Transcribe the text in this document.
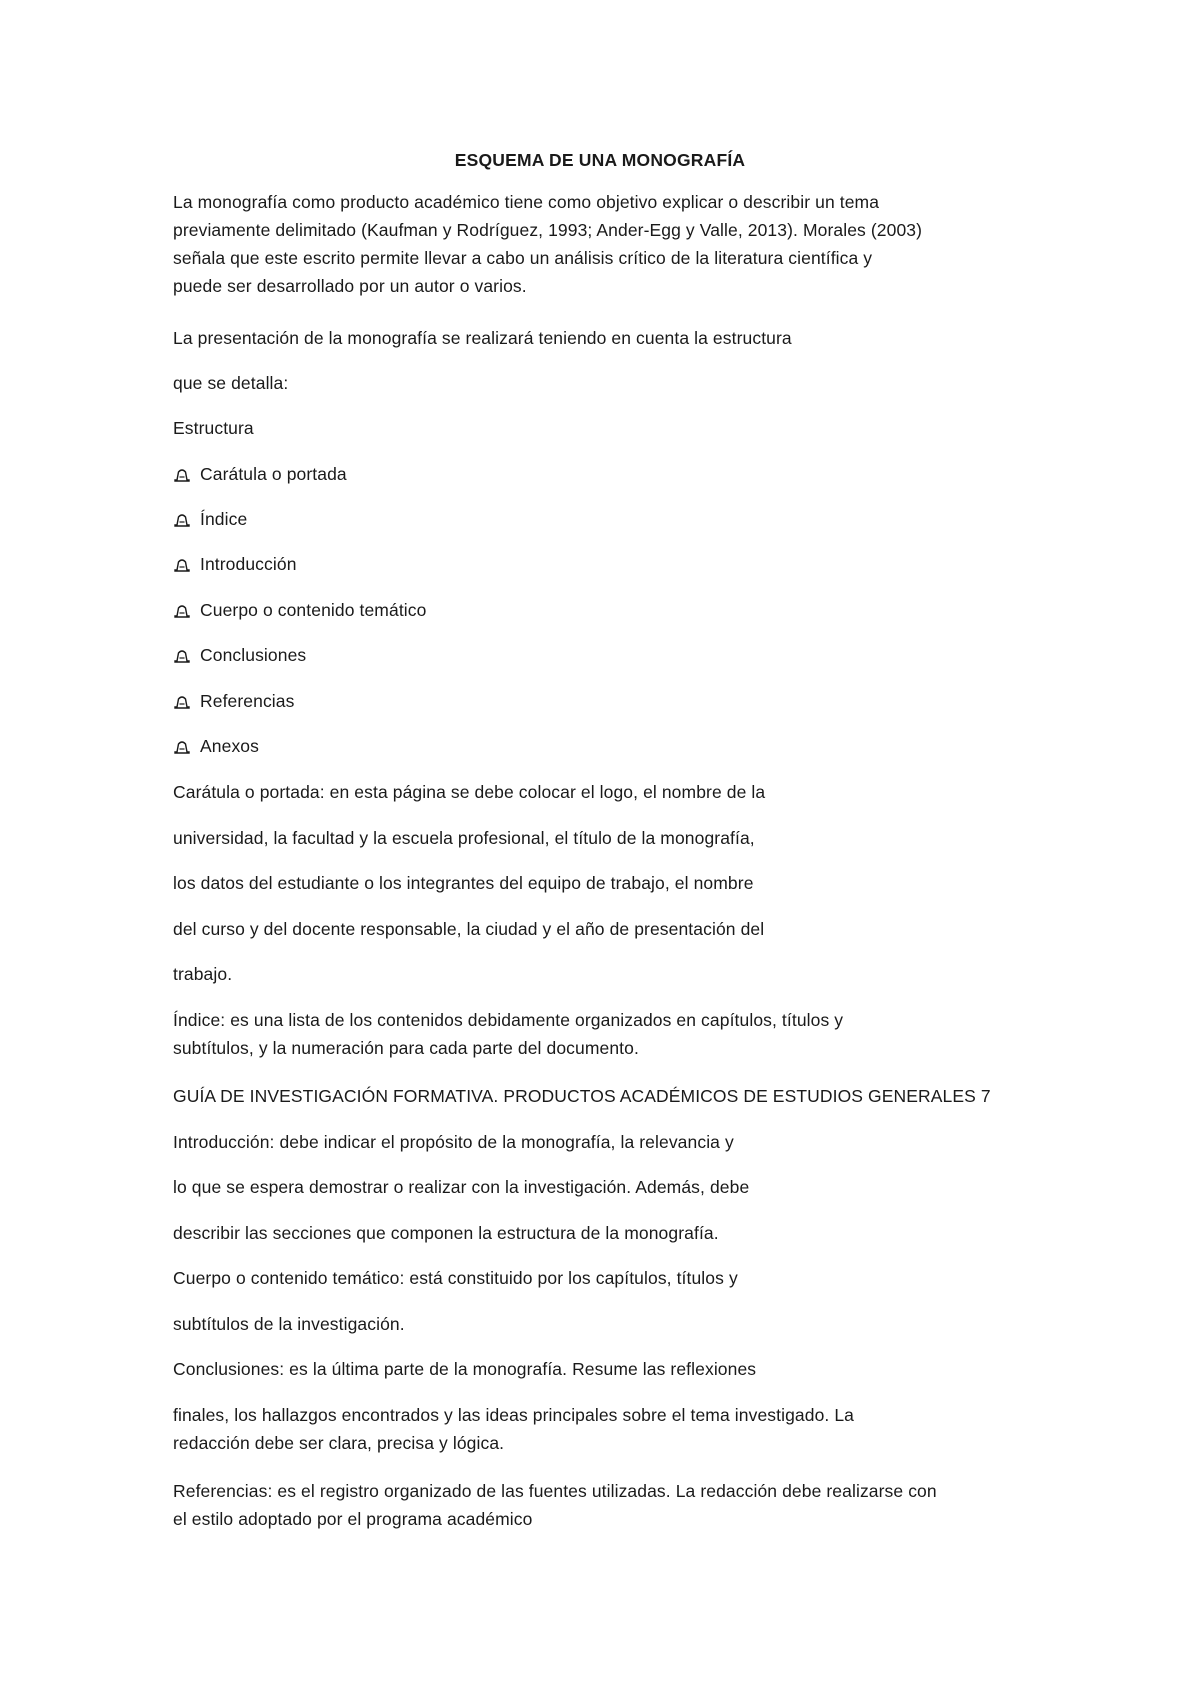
ESQUEMA DE UNA MONOGRAFÍA
La monografía como producto académico tiene como objetivo explicar o describir un tema
previamente delimitado (Kaufman y Rodríguez, 1993; Ander-Egg y Valle, 2013). Morales (2003)
señala que este escrito permite llevar a cabo un análisis crítico de la literatura científica y
puede ser desarrollado por un autor o varios.
La presentación de la monografía se realizará teniendo en cuenta la estructura
que se detalla:
Estructura
Carátula o portada
Índice
Introducción
Cuerpo o contenido temático
Conclusiones
Referencias
Anexos
Carátula o portada: en esta página se debe colocar el logo, el nombre de la
universidad, la facultad y la escuela profesional, el título de la monografía,
los datos del estudiante o los integrantes del equipo de trabajo, el nombre
del curso y del docente responsable, la ciudad y el año de presentación del
trabajo.
Índice: es una lista de los contenidos debidamente organizados en capítulos, títulos y
subtítulos, y la numeración para cada parte del documento.
GUÍA DE INVESTIGACIÓN FORMATIVA. PRODUCTOS ACADÉMICOS DE ESTUDIOS GENERALES 7
Introducción: debe indicar el propósito de la monografía, la relevancia y
lo que se espera demostrar o realizar con la investigación. Además, debe
describir las secciones que componen la estructura de la monografía.
Cuerpo o contenido temático: está constituido por los capítulos, títulos y
subtítulos de la investigación.
Conclusiones: es la última parte de la monografía. Resume las reflexiones
finales, los hallazgos encontrados y las ideas principales sobre el tema investigado. La
redacción debe ser clara, precisa y lógica.
Referencias: es el registro organizado de las fuentes utilizadas. La redacción debe realizarse con
el estilo adoptado por el programa académico
